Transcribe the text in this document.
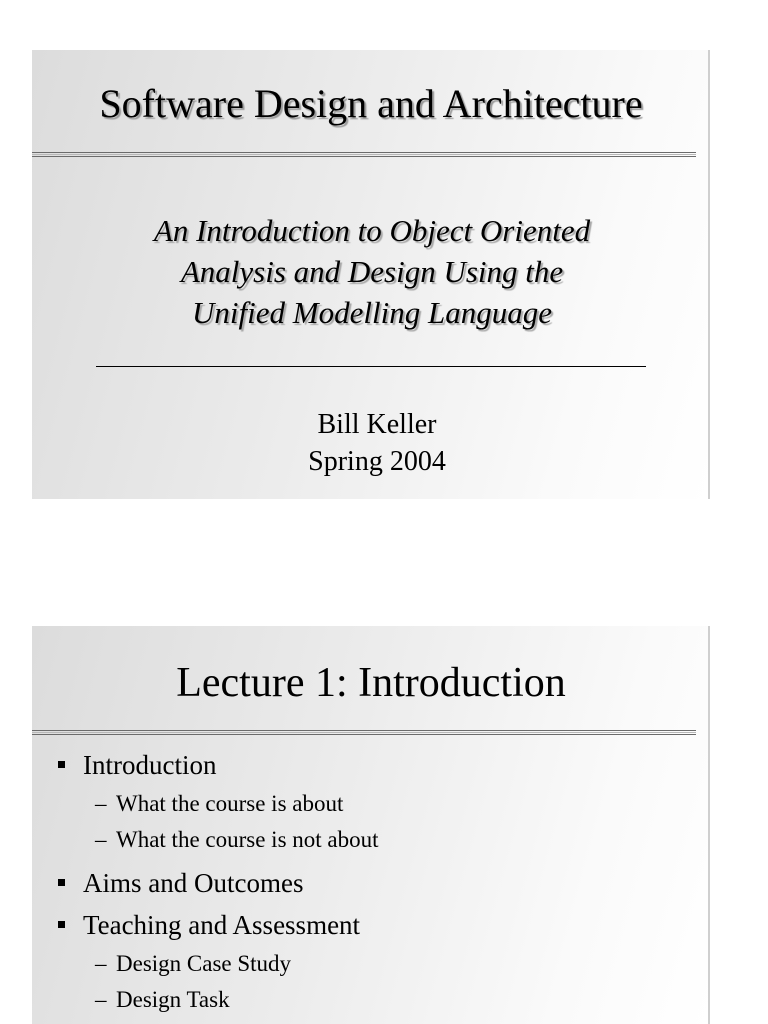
Software Design and Architecture
An Introduction to Object Oriented
Analysis and Design Using the
Unified Modelling Language
Bill Keller
Spring 2004
Lecture 1: Introduction
Introduction
– What the course is about
– What the course is not about
Aims and Outcomes
Teaching and Assessment
– Design Case Study
– Design Task
